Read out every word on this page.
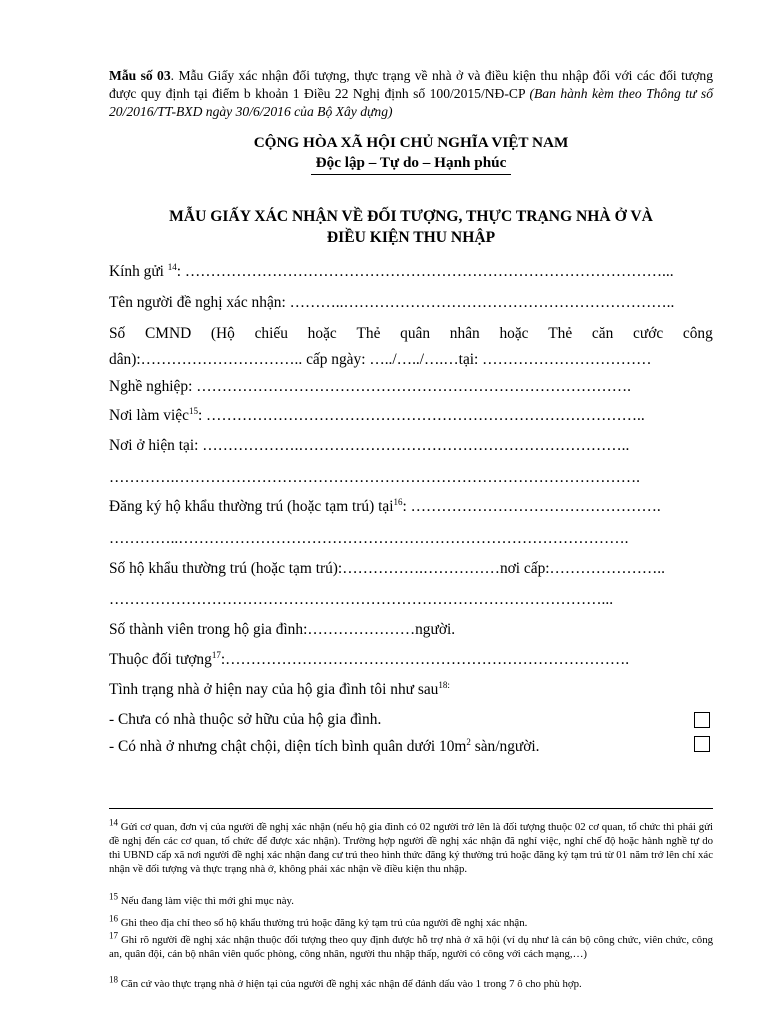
Mẫu số 03. Mẫu Giấy xác nhận đối tượng, thực trạng về nhà ở và điều kiện thu nhập đối với các đối tượng được quy định tại điểm b khoản 1 Điều 22 Nghị định số 100/2015/NĐ-CP (Ban hành kèm theo Thông tư số 20/2016/TT-BXD ngày 30/6/2016 của Bộ Xây dựng)
CỘNG HÒA XÃ HỘI CHỦ NGHĨA VIỆT NAM
Độc lập – Tự do – Hạnh phúc
MẪU GIẤY XÁC NHẬN VỀ ĐỐI TƯỢNG, THỰC TRẠNG NHÀ Ở VÀ
ĐIỀU KIỆN THU NHẬP
Kính gửi $^{14}$: …………………………………………………………………………………...
Tên người đề nghị xác nhận: ………..………………………………………………………..
Số CMND (Hộ chiếu hoặc Thẻ quân nhân hoặc Thẻ căn cước công
dân):………………………….. cấp ngày: …../…../….…tại: ……………………………
Nghề nghiệp: ………………………………………………………………………….
Nơi làm việc$^{15}$: …………………………………………………………………………..
Nơi ở hiện tại: ……………….………………………………………………………..
………….……………………………………………………………………………….
Đăng ký hộ khẩu thường trú (hoặc tạm trú) tại$^{16}$: ………………………………………….
…………..…………………………………………………………………………….
Số hộ khẩu thường trú (hoặc tạm trú):…………….……………nơi cấp:…………………..
……………………………………………………………………………………...
Số thành viên trong hộ gia đình:…………………người.
Thuộc đối tượng$^{17}$:…………………………………………………………………….
Tình trạng nhà ở hiện nay của hộ gia đình tôi như sau$^{18:}$
- Chưa có nhà thuộc sở hữu của hộ gia đình.
- Có nhà ở nhưng chật chội, diện tích bình quân dưới $10m^2$ sàn/người.
$^{14}$ Gửi cơ quan, đơn vị của người đề nghị xác nhận (nếu hộ gia đình có 02 người trở lên là đối tượng thuộc 02 cơ quan, tổ chức thì phải gửi đề nghị đến các cơ quan, tổ chức để được xác nhận). Trường hợp người đề nghị xác nhận đã nghỉ việc, nghỉ chế độ hoặc hành nghề tự do thì UBND cấp xã nơi người đề nghị xác nhận đang cư trú theo hình thức đăng ký thường trú hoặc đăng ký tạm trú từ 01 năm trở lên chỉ xác nhận về đối tượng và thực trạng nhà ở, không phải xác nhận về điều kiện thu nhập.
$^{15}$ Nếu đang làm việc thì mới ghi mục này.
$^{16}$ Ghi theo địa chỉ theo sổ hộ khẩu thường trú hoặc đăng ký tạm trú của người đề nghị xác nhận.
$^{17}$ Ghi rõ người đề nghị xác nhận thuộc đối tượng theo quy định được hỗ trợ nhà ở xã hội (ví dụ như là cán bộ công chức, viên chức, công an, quân đội, cán bộ nhân viên quốc phòng, công nhân, người thu nhập thấp, người có công với cách mạng,…)
$^{18}$ Căn cứ vào thực trạng nhà ở hiện tại của người đề nghị xác nhận để đánh dấu vào 1 trong 7 ô cho phù hợp.
